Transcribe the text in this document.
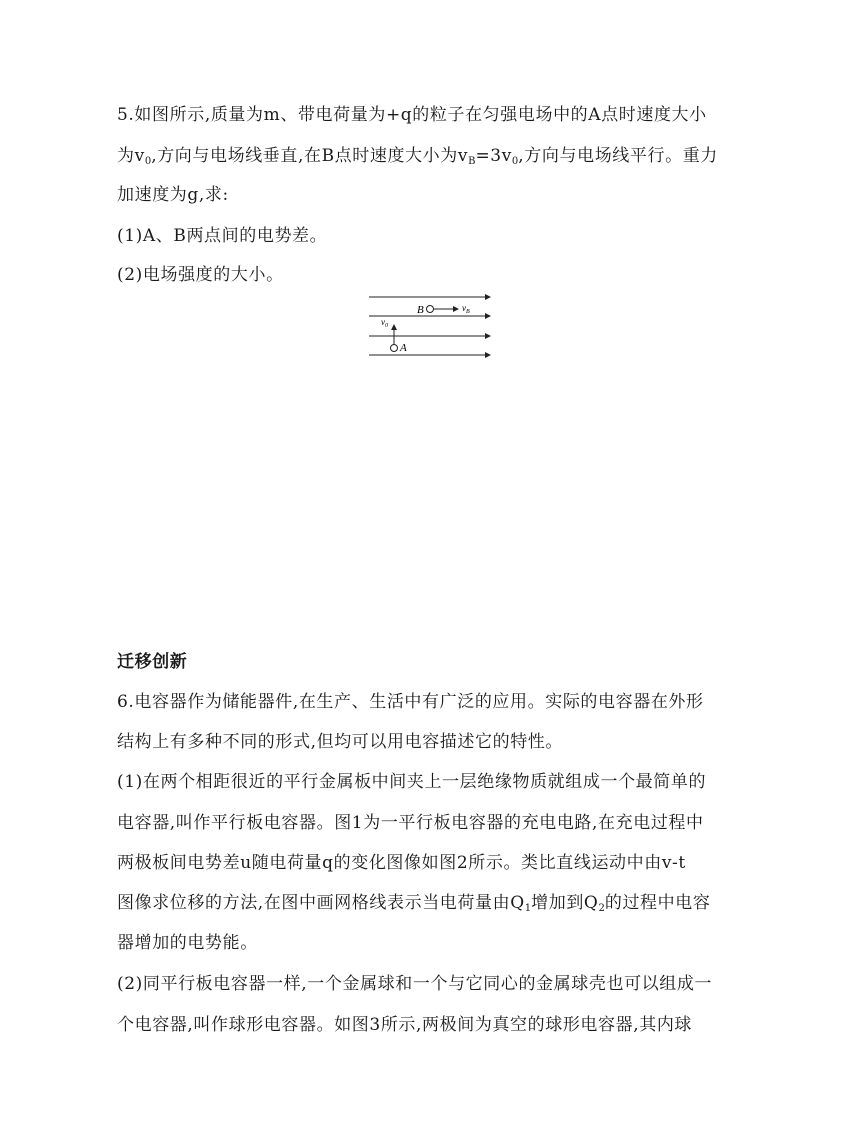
5.如图所示,质量为m、带电荷量为+q的粒子在匀强电场中的A点时速度大小
为$v_0$,方向与电场线垂直,在B点时速度大小为$v_B=3v_0$,方向与电场线平行。重力
加速度为g,求:
(1)A、B两点间的电势差。
(2)电场强度的大小。
B	$v_B$
$v_0$
A
迁移创新
6.电容器作为储能器件,在生产、生活中有广泛的应用。实际的电容器在外形
结构上有多种不同的形式,但均可以用电容描述它的特性。
(1)在两个相距很近的平行金属板中间夹上一层绝缘物质就组成一个最简单的
电容器,叫作平行板电容器。图1为一平行板电容器的充电电路,在充电过程中
两极板间电势差u随电荷量q的变化图像如图2所示。类比直线运动中由v-t
图像求位移的方法,在图中画网格线表示当电荷量由$Q_1$增加到$Q_2$的过程中电容
器增加的电势能。
(2)同平行板电容器一样,一个金属球和一个与它同心的金属球壳也可以组成一
个电容器,叫作球形电容器。如图3所示,两极间为真空的球形电容器,其内球
